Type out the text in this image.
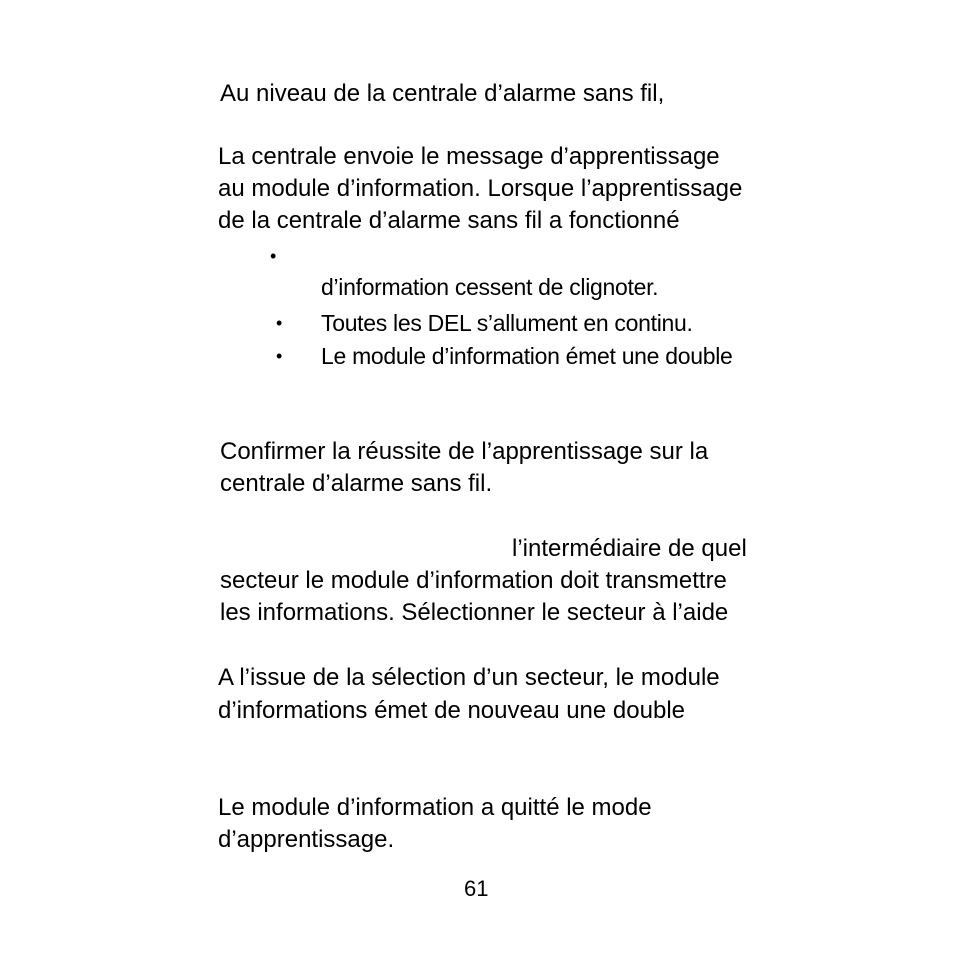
Au niveau de la centrale d’alarme sans fil,
La centrale envoie le message d’apprentissage
au module d’information. Lorsque l’apprentissage
de la centrale d’alarme sans fil a fonctionné
•
d’information cessent de clignoter.
• Toutes les DEL s’allument en continu.
• Le module d’information émet une double
Confirmer la réussite de l’apprentissage sur la
centrale d’alarme sans fil.
l’intermédiaire de quel
secteur le module d’information doit transmettre
les informations. Sélectionner le secteur à l’aide
A l’issue de la sélection d’un secteur, le module
d’informations émet de nouveau une double
Le module d’information a quitté le mode
d’apprentissage.
61
